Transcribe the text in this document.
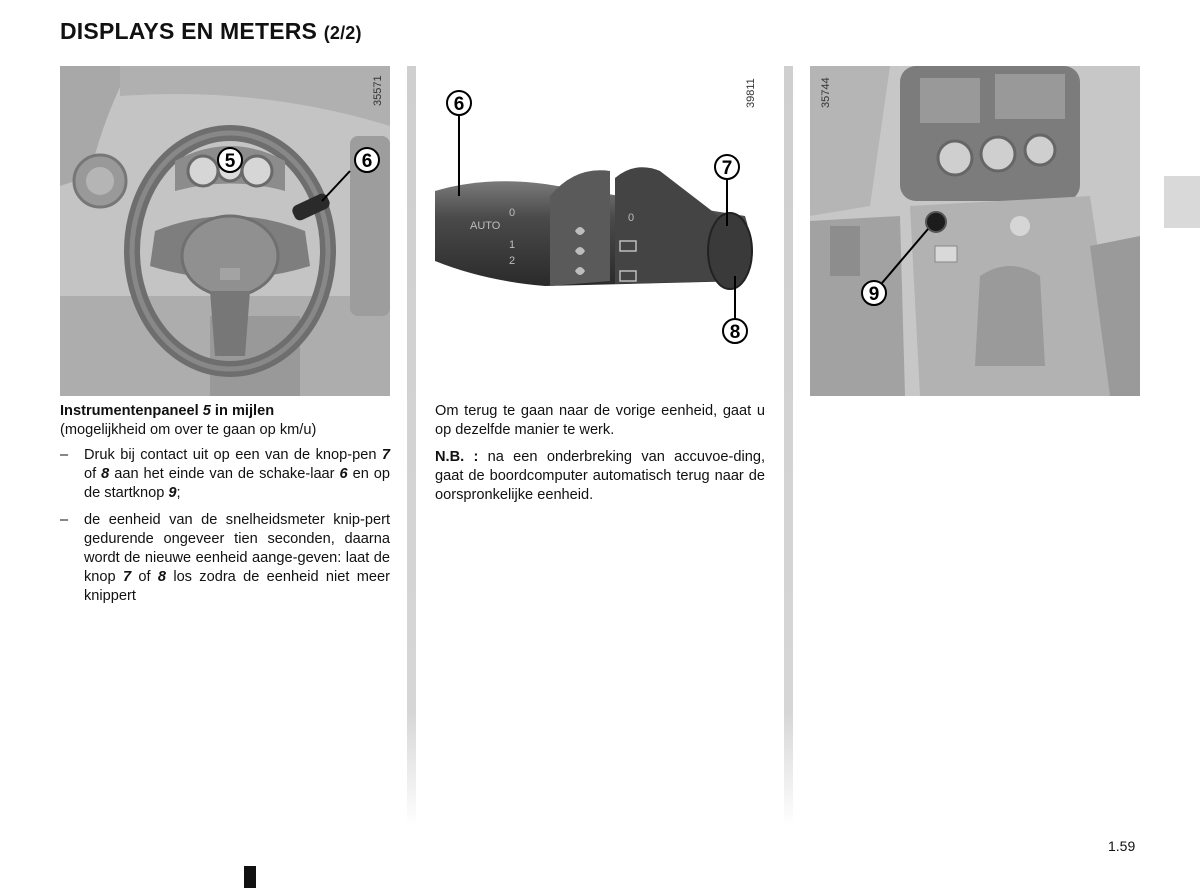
DISPLAYS EN METERS (2/2)
5	6
35571
AUTO
0
1
2
0
6
7
8
39811
9
35744

Instrumentenpaneel 5 in mijlen

(mogelijkheid om over te gaan op km/u)

– Druk bij contact uit op een van de knop-pen 7 of 8 aan het einde van de schake-laar 6 en op de startknop 9;
– de eenheid van de snelheidsmeter knip-pert gedurende ongeveer tien seconden, daarna wordt de nieuwe eenheid aange-geven: laat de knop 7 of 8 los zodra de eenheid niet meer knippert

Om terug te gaan naar de vorige eenheid, gaat u op dezelfde manier te werk.

N.B. : na een onderbreking van accuvoe-ding, gaat de boordcomputer automatisch terug naar de oorspronkelijke eenheid.

1.59
